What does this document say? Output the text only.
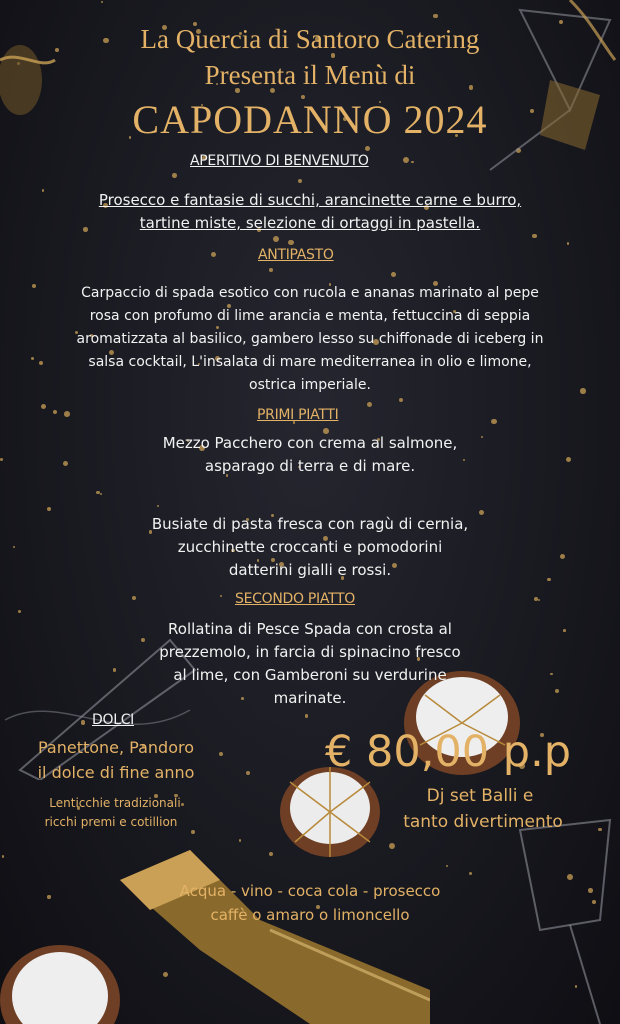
La Quercia di Santoro Catering
Presenta il Menù di
CAPODANNO 2024
APERITIVO DI BENVENUTO
Prosecco e fantasie di succhi, arancinette carne e burro,
tartine miste, selezione di ortaggi in pastella.
ANTIPASTO
Carpaccio di spada esotico con rucola e ananas marinato al pepe
rosa con profumo di lime arancia e menta, fettuccina di seppia
aromatizzata al basilico, gambero lesso su chiffonade di iceberg in
salsa cocktail, L'insalata di mare mediterranea in olio e limone,
ostrica imperiale.
PRIMI PIATTI
Mezzo Pacchero con crema al salmone,
asparago di terra e di mare.
Busiate di pasta fresca con ragù di cernia,
zucchinette croccanti e pomodorini
datterini gialli e rossi.
SECONDO PIATTO
Rollatina di Pesce Spada con crosta al
prezzemolo, in farcia di spinacino fresco
al lime, con Gamberoni su verdurine
marinate.
DOLCI
Panettone, Pandoro
il dolce di fine anno
Lenticchie tradizionali
ricchi premi e cotillion
€ 80,00 p.p
Dj set Balli e
tanto divertimento
Acqua - vino - coca cola - prosecco
caffè o amaro o limoncello
